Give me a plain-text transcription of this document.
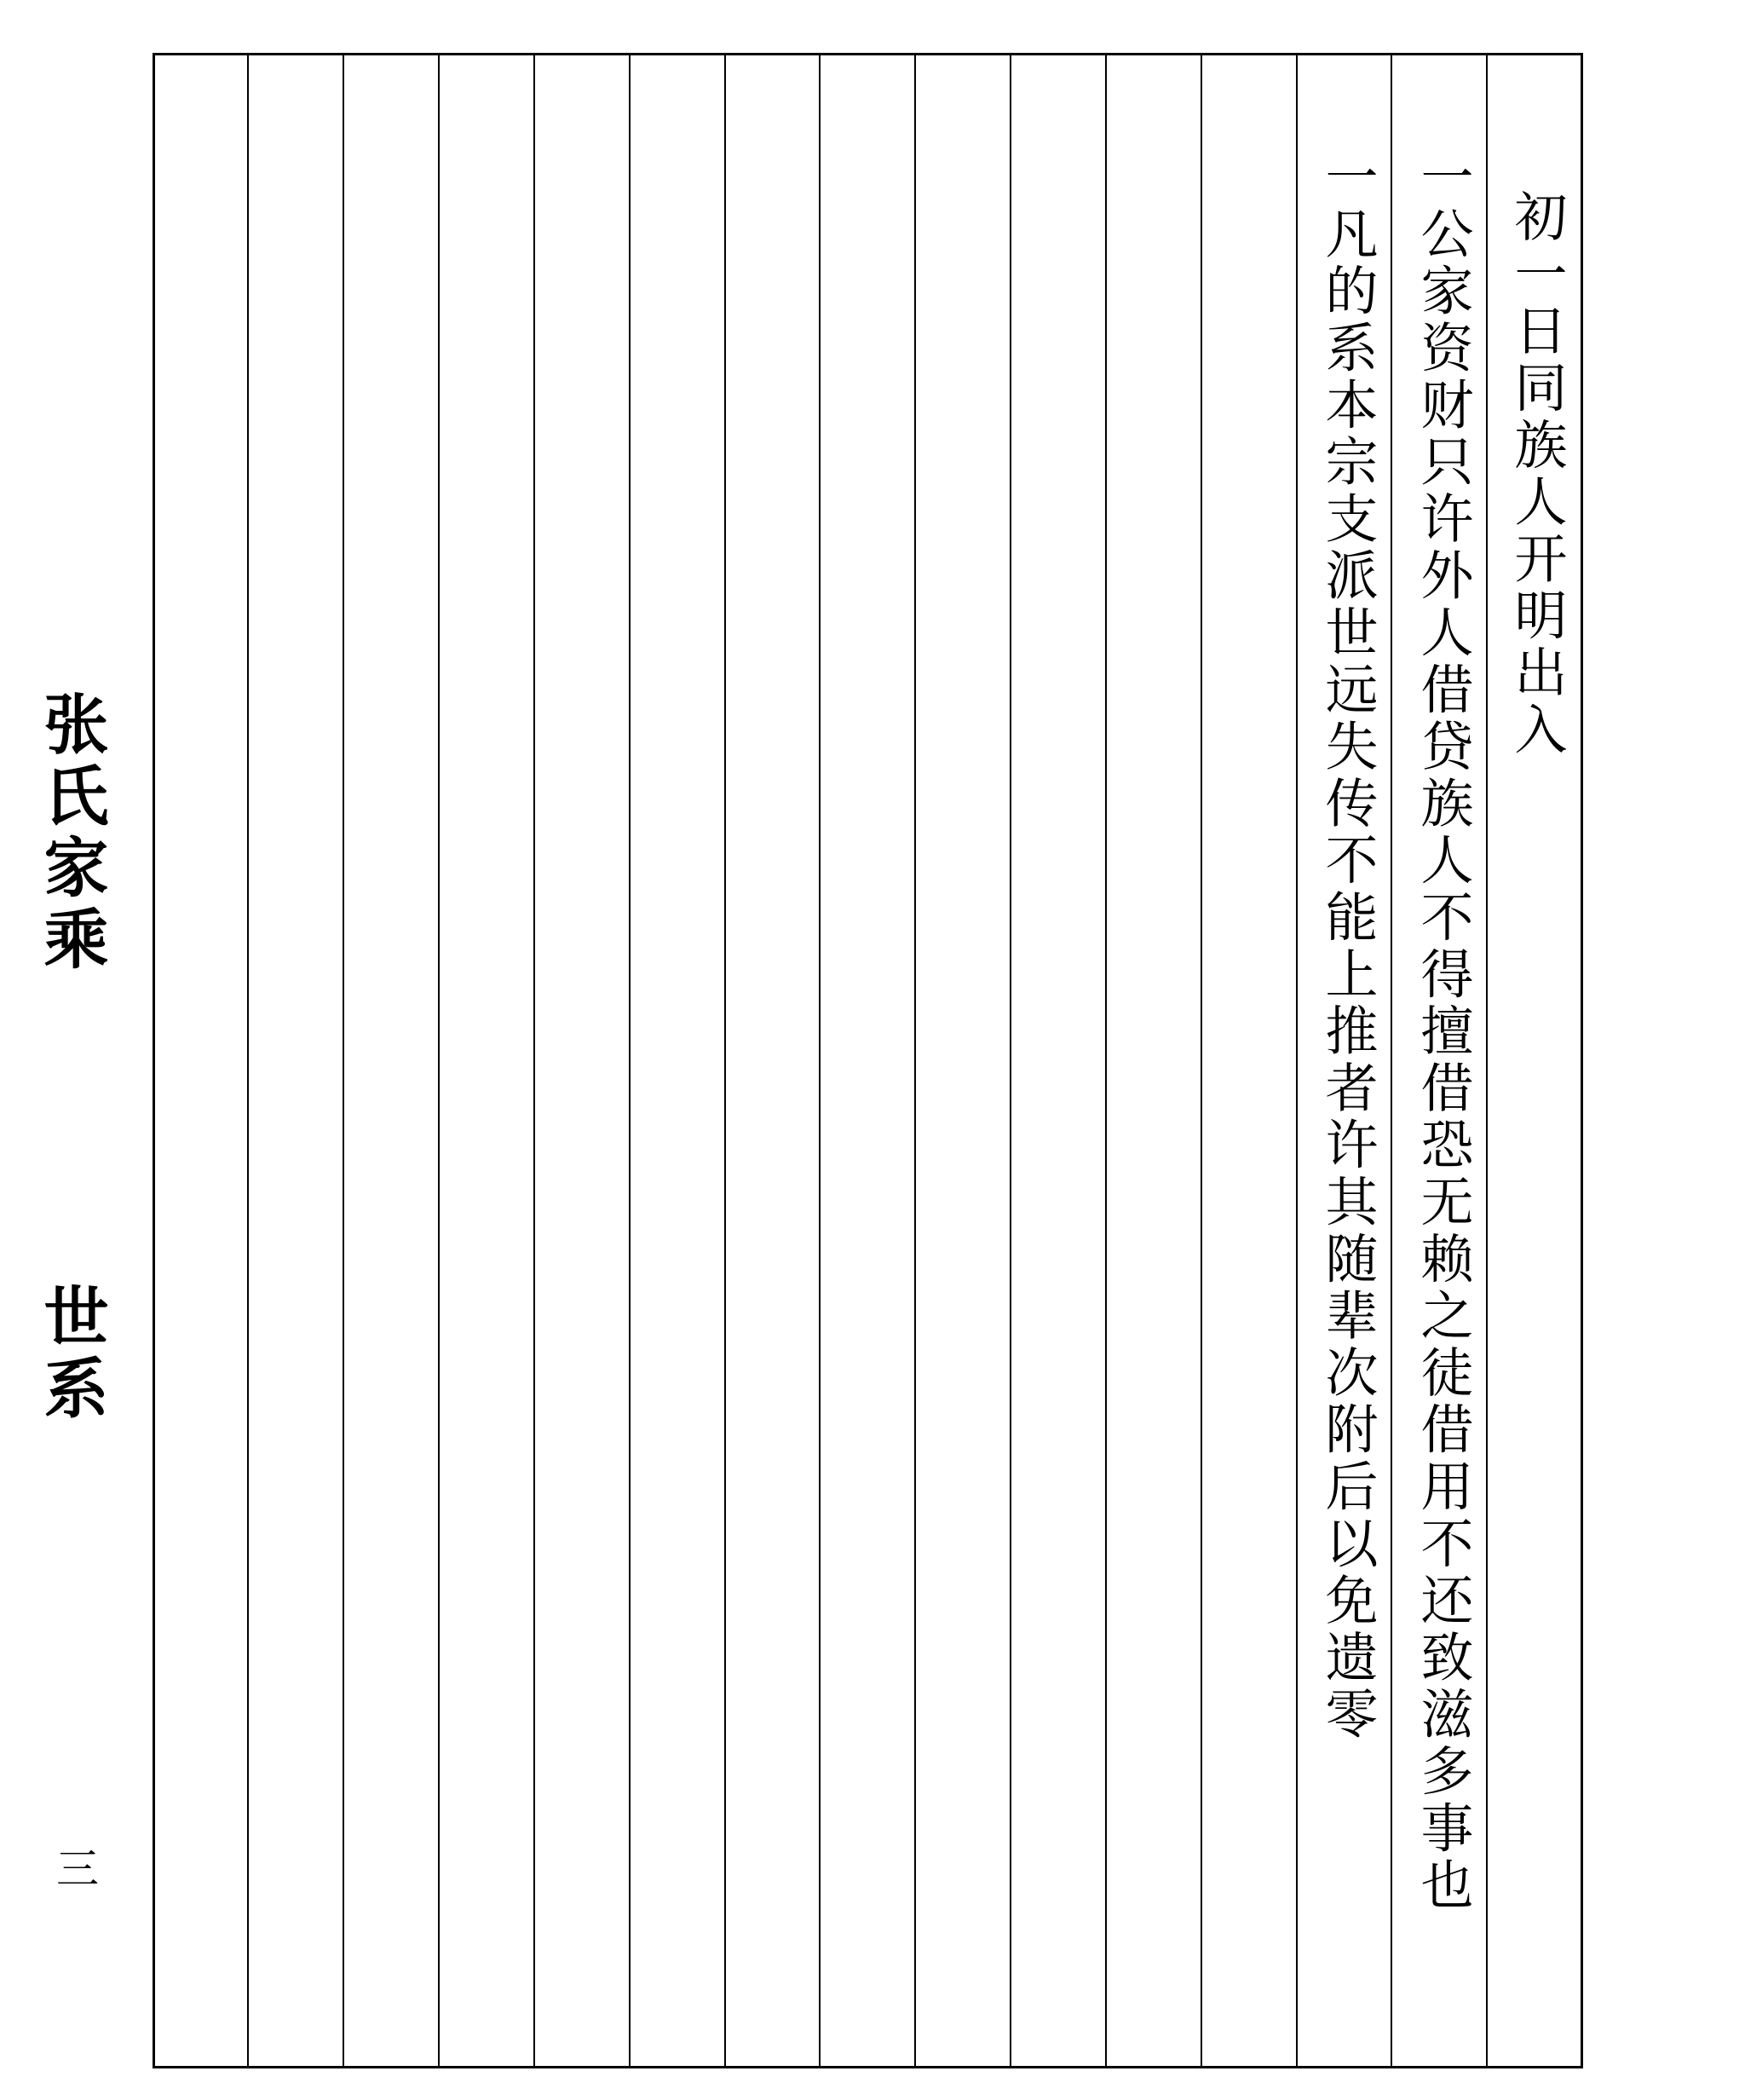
初一日同族人开明出入
一公家资财只许外人借贷族人不得擅借恐无赖之徒借用不还致滋多事也
一凡的系本宗支派世远失传不能上推者许其随辈次附后以免遗零
张氏家乘
世系
三
